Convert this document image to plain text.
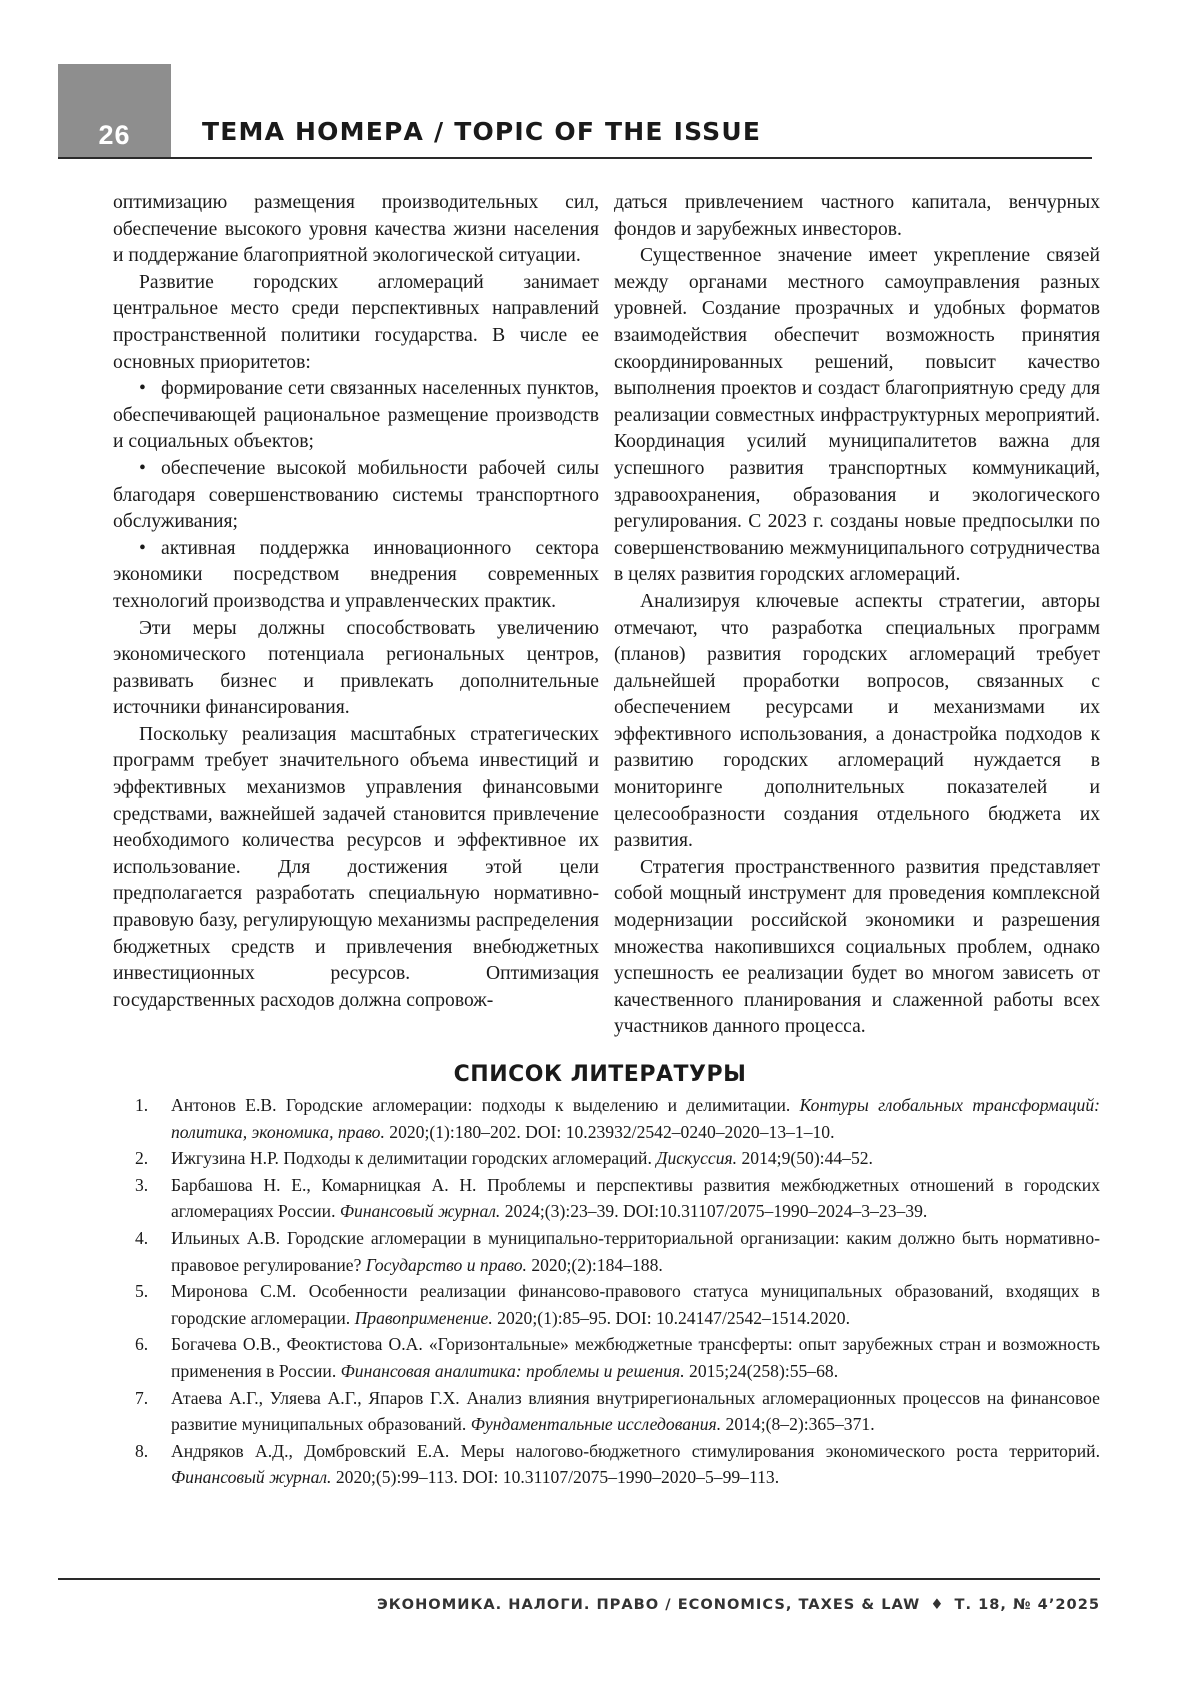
26	ТЕМА НОМЕРА / TOPIC OF THE ISSUE

оптимизацию размещения производительных сил, обеспечение высокого уровня качества жизни населения и поддержание благоприятной экологической ситуации.

Развитие городских агломераций занимает центральное место среди перспективных направлений пространственной политики государства. В числе ее основных приоритетов:

• формирование сети связанных населенных пунктов, обеспечивающей рациональное размещение производств и социальных объектов;

• обеспечение высокой мобильности рабочей силы благодаря совершенствованию системы транспортного обслуживания;

• активная поддержка инновационного сектора экономики посредством внедрения современных технологий производства и управленческих практик.

Эти меры должны способствовать увеличению экономического потенциала региональных центров, развивать бизнес и привлекать дополнительные источники финансирования.

Поскольку реализация масштабных стратегических программ требует значительного объема инвестиций и эффективных механизмов управления финансовыми средствами, важнейшей задачей становится привлечение необходимого количества ресурсов и эффективное их использование. Для достижения этой цели предполагается разработать специальную нормативно-правовую базу, регулирующую механизмы распределения бюджетных средств и привлечения внебюджетных инвестиционных ресурсов. Оптимизация государственных расходов должна сопровож-

даться привлечением частного капитала, венчурных фондов и зарубежных инвесторов.

Существенное значение имеет укрепление связей между органами местного самоуправления разных уровней. Создание прозрачных и удобных форматов взаимодействия обеспечит возможность принятия скоординированных решений, повысит качество выполнения проектов и создаст благоприятную среду для реализации совместных инфраструктурных мероприятий. Координация усилий муниципалитетов важна для успешного развития транспортных коммуникаций, здравоохранения, образования и экологического регулирования. С 2023 г. созданы новые предпосылки по совершенствованию межмуниципального сотрудничества в целях развития городских агломераций.

Анализируя ключевые аспекты стратегии, авторы отмечают, что разработка специальных программ (планов) развития городских агломераций требует дальнейшей проработки вопросов, связанных с обеспечением ресурсами и механизмами их эффективного использования, а донастройка подходов к развитию городских агломераций нуждается в мониторинге дополнительных показателей и целесообразности создания отдельного бюджета их развития.

Стратегия пространственного развития представляет собой мощный инструмент для проведения комплексной модернизации российской экономики и разрешения множества накопившихся социальных проблем, однако успешность ее реализации будет во многом зависеть от качественного планирования и слаженной работы всех участников данного процесса.

СПИСОК ЛИТЕРАТУРЫ
1. Антонов Е.В. Городские агломерации: подходы к выделению и делимитации. Контуры глобальных трансформаций: политика, экономика, право. 2020;(1):180–202. DOI: 10.23932/2542–0240–2020–13–1–10.
2. Ижгузина Н.Р. Подходы к делимитации городских агломераций. Дискуссия. 2014;9(50):44–52.
3. Барбашова Н. Е., Комарницкая А. Н. Проблемы и перспективы развития межбюджетных отношений в городских агломерациях России. Финансовый журнал. 2024;(3):23–39. DOI:10.31107/2075–1990–2024–3–23–39.
4. Ильиных А.В. Городские агломерации в муниципально-территориальной организации: каким должно быть нормативно-правовое регулирование? Государство и право. 2020;(2):184–188.
5. Миронова С.М. Особенности реализации финансово-правового статуса муниципальных образований, входящих в городские агломерации. Правоприменение. 2020;(1):85–95. DOI: 10.24147/2542–1514.2020.
6. Богачева О.В., Феоктистова О.А. «Горизонтальные» межбюджетные трансферты: опыт зарубежных стран и возможность применения в России. Финансовая аналитика: проблемы и решения. 2015;24(258):55–68.
7. Атаева А.Г., Уляева А.Г., Япаров Г.Х. Анализ влияния внутрирегиональных агломерационных процессов на финансовое развитие муниципальных образований. Фундаментальные исследования. 2014;(8–2):365–371.
8. Андряков А.Д., Домбровский Е.А. Меры налогово-бюджетного стимулирования экономического роста территорий. Финансовый журнал. 2020;(5):99–113. DOI: 10.31107/2075–1990–2020–5–99–113.
ЭКОНОМИКА. НАЛОГИ. ПРАВО / ECONOMICS, TAXES & LAW ♦ Т. 18, № 4’2025
